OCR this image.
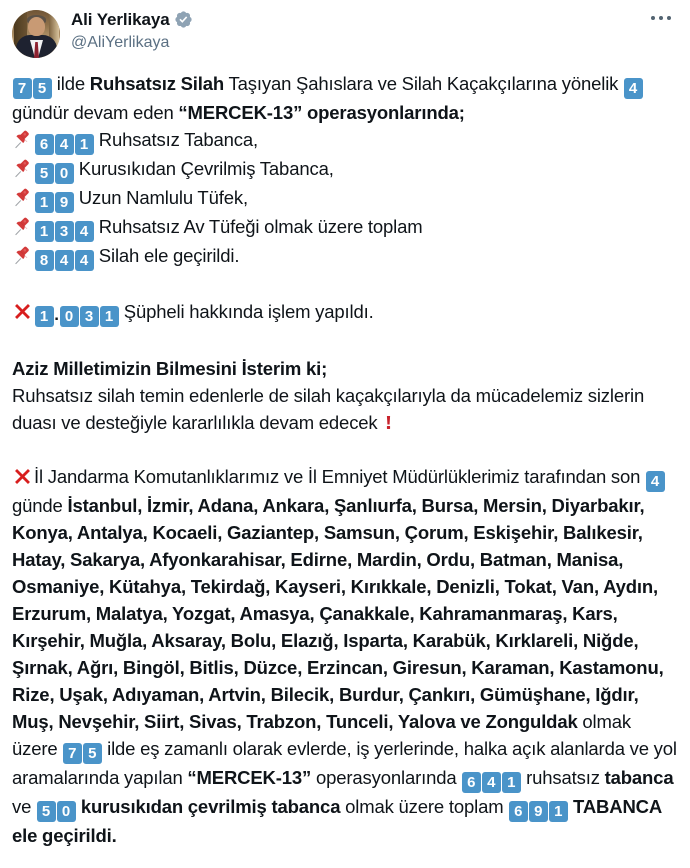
Ali Yerlikaya
@AliYerlikaya

7 5 ilde Ruhsatsız Silah Taşıyan Şahıslara ve Silah Kaçakçılarına yönelik 4 gündür devam eden “MERCEK-13” operasyonlarında;

6 4 1 Ruhsatsız Tabanca,

5 0 Kurusıkıdan Çevrilmiş Tabanca,

1 9 Uzun Namlulu Tüfek,

1 3 4 Ruhsatsız Av Tüfeği olmak üzere toplam

8 4 4 Silah ele geçirildi.

1 . 0 3 1 Şüpheli hakkında işlem yapıldı.

Aziz Milletimizin Bilmesini İsterim ki;

Ruhsatsız silah temin edenlerle de silah kaçakçılarıyla da mücadelemiz sizlerin duası ve desteğiyle kararlılıkla devam edecek

İl Jandarma Komutanlıklarımız ve İl Emniyet Müdürlüklerimiz tarafından son 4 günde İstanbul, İzmir, Adana, Ankara, Şanlıurfa, Bursa, Mersin, Diyarbakır, Konya, Antalya, Kocaeli, Gaziantep, Samsun, Çorum, Eskişehir, Balıkesir, Hatay, Sakarya, Afyonkarahisar, Edirne, Mardin, Ordu, Batman, Manisa, Osmaniye, Kütahya, Tekirdağ, Kayseri, Kırıkkale, Denizli, Tokat, Van, Aydın, Erzurum, Malatya, Yozgat, Amasya, Çanakkale, Kahramanmaraş, Kars, Kırşehir, Muğla, Aksaray, Bolu, Elazığ, Isparta, Karabük, Kırklareli, Niğde, Şırnak, Ağrı, Bingöl, Bitlis, Düzce, Erzincan, Giresun, Karaman, Kastamonu, Rize, Uşak, Adıyaman, Artvin, Bilecik, Burdur, Çankırı, Gümüşhane, Iğdır, Muş, Nevşehir, Siirt, Sivas, Trabzon, Tunceli, Yalova ve Zonguldak olmak üzere 7 5 ilde eş zamanlı olarak evlerde, iş yerlerinde, halka açık alanlarda ve yol aramalarında yapılan “MERCEK-13” operasyonlarında 6 4 1 ruhsatsız tabanca ve 5 0 kurusıkıdan çevrilmiş tabanca olmak üzere toplam 6 9 1 TABANCA ele geçirildi.
